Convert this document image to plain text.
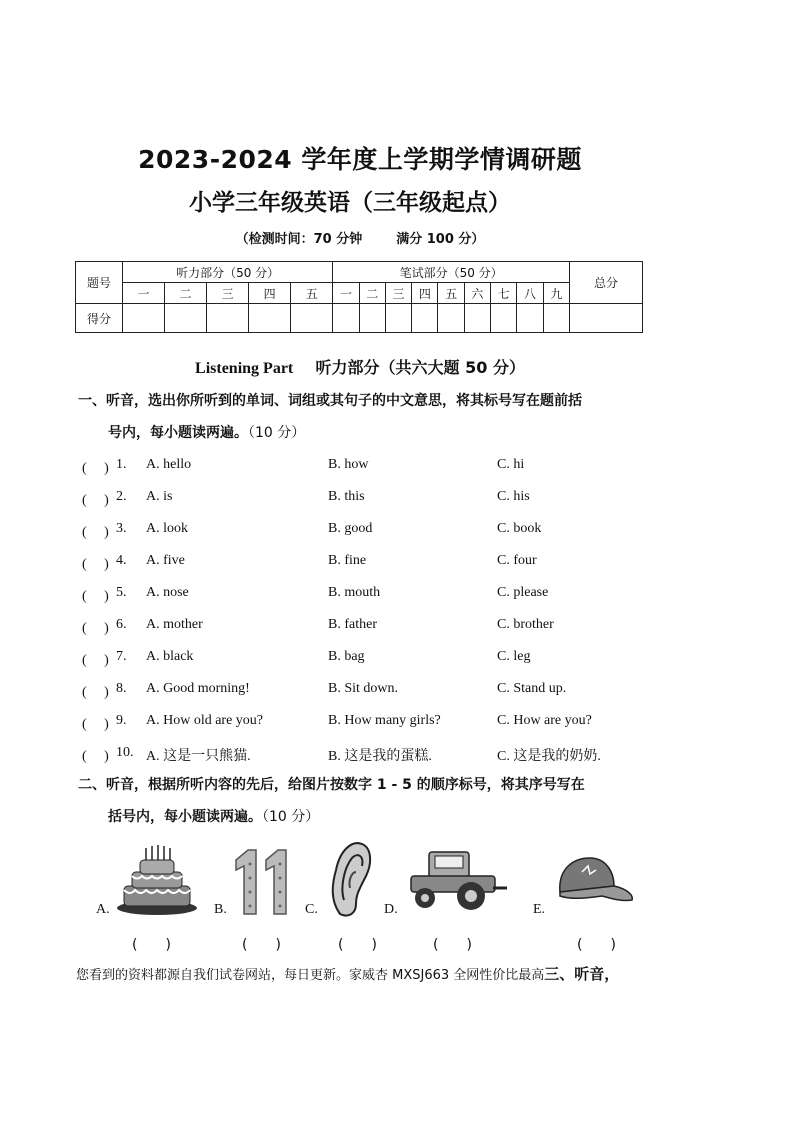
2023-2024 学年度上学期学情调研题
小学三年级英语（三年级起点）
（检测时间：70 分钟	满分 100 分）
题号	听力部分（50 分）					笔试部分（50 分）									总分
	一	二	三	四	五	一	二	三	四	五	六	七	八	九	
得分															
Listening Part 听力部分（共六大题 50 分）
一、听音，选出你所听到的单词、词组或其句子的中文意思，将其标号写在题前括
号内，每小题读两遍。（10 分）
(　 ) 1. A. hello	B. how	C. hi
(　 ) 2. A. is	B. this	C. his
(　 ) 3. A. look	B. good	C. book
(　 ) 4. A. five	B. fine	C. four
(　 ) 5. A. nose	B. mouth	C. please
(　 ) 6. A. mother	B. father	C. brother
(　 ) 7. A. black	B. bag	C. leg
(　 ) 8. A. Good morning!	B. Sit down.	C. Stand up.
(　 ) 9. A. How old are you?	B. How many girls?	C. How are you?
(　 ) 10. A. 这是一只熊猫.	B. 这是我的蛋糕.	C. 这是我的奶奶.
二、听音，根据所听内容的先后，给图片按数字 1 - 5 的顺序标号，将其序号写在
括号内，每小题读两遍。（10 分）
A.	B.	C.	D.	E.
(　　)	(　　)	(　　)	(　　)	(　　)
您看到的资料都源自我们试卷网站，每日更新。家威杏 MXSJ663 全网性价比最高三、听音，
